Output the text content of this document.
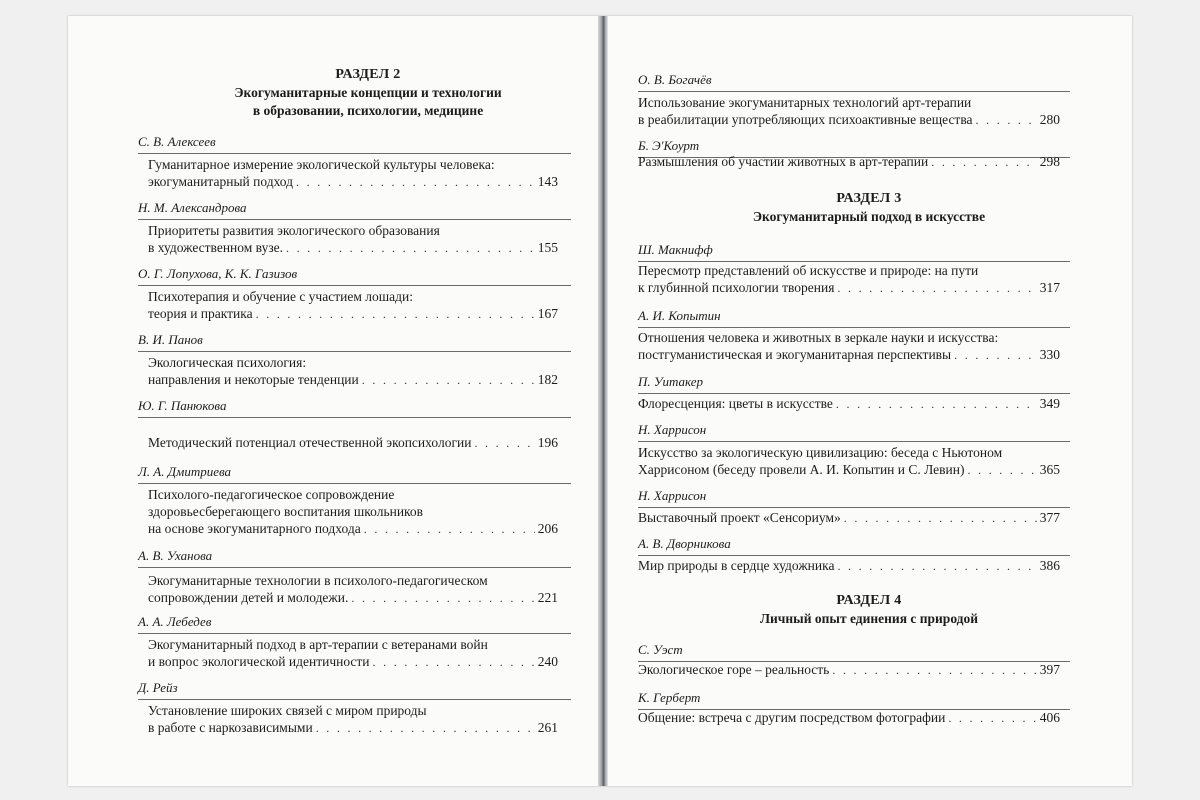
РАЗДЕЛ 2
Экогуманитарные концепции и технологии
в образовании, психологии, медицине
С. В. Алексеев
Гуманитарное измерение экологической культуры человека:
экогуманитарный подход . . .	143
Н. М. Александрова
Приоритеты развития экологического образования
в художественном вузе. . . .	155
О. Г. Лопухова, К. К. Газизов
Психотерапия и обучение с участием лошади:
теория и практика . . .	167
В. И. Панов
Экологическая психология:
направления и некоторые тенденции . . .	182
Ю. Г. Панюкова
Методический потенциал отечественной экопсихологии . . .	196
Л. А. Дмитриева
Психолого-педагогическое сопровождение
здоровьесберегающего воспитания школьников
на основе экогуманитарного подхода . . .	206
А. В. Уханова
Экогуманитарные технологии в психолого-педагогическом
сопровождении детей и молодежи. . . .	221
А. А. Лебедев
Экогуманитарный подход в арт-терапии с ветеранами войн
и вопрос экологической идентичности . . .	240
Д. Рейз
Установление широких связей с миром природы
в работе с наркозависимыми . . .	261
О. В. Богачёв
Использование экогуманитарных технологий арт-терапии
в реабилитации употребляющих психоактивные вещества . . .	280
Б. Э'Коурт
Размышления об участии животных в арт-терапии . . .	298
РАЗДЕЛ 3
Экогуманитарный подход в искусстве
Ш. Макнифф
Пересмотр представлений об искусстве и природе: на пути
к глубинной психологии творения . . .	317
А. И. Копытин
Отношения человека и животных в зеркале науки и искусства:
постгуманистическая и экогуманитарная перспективы . . .	330
П. Уитакер
Флоресценция: цветы в искусстве . . .	349
Н. Харрисон
Искусство за экологическую цивилизацию: беседа с Ньютоном
Харрисоном (беседу провели А. И. Копытин и С. Левин) . . .	365
Н. Харрисон
Выставочный проект «Сенсориум» . . .	377
А. В. Дворникова
Мир природы в сердце художника . . .	386
РАЗДЕЛ 4
Личный опыт единения с природой
С. Уэст
Экологическое горе – реальность . . .	397
К. Герберт
Общение: встреча с другим посредством фотографии . . .	406
